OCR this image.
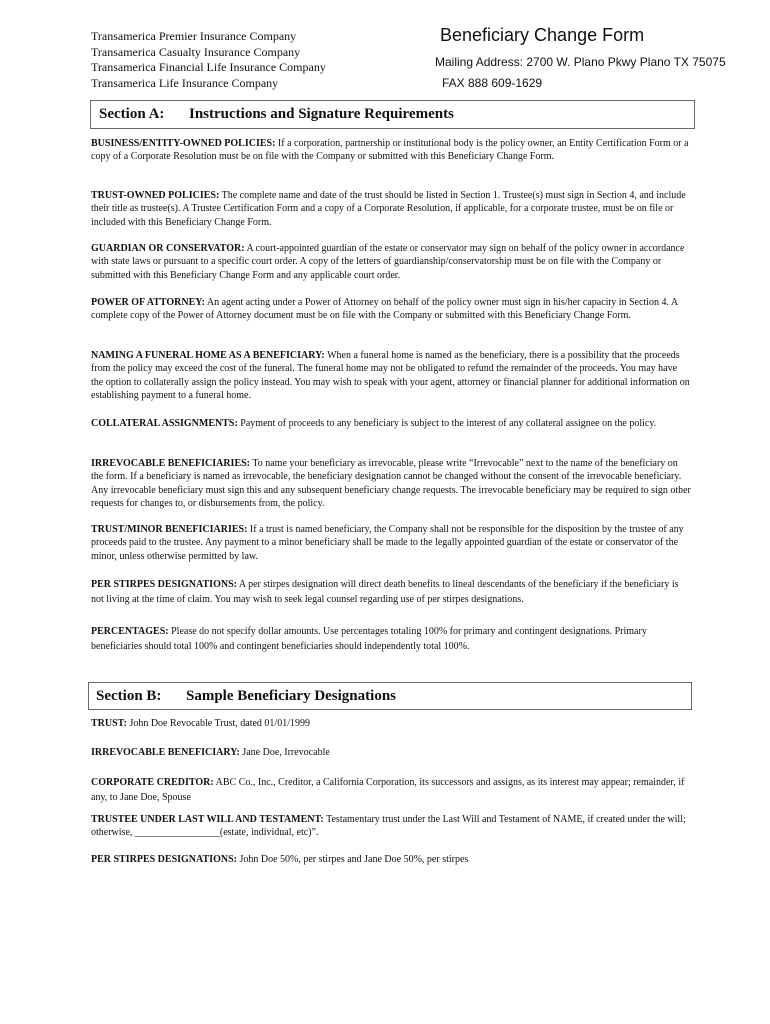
Transamerica Premier Insurance Company
Transamerica Casualty Insurance Company
Transamerica Financial Life Insurance Company
Transamerica Life Insurance Company
Beneficiary Change Form
Mailing Address: 2700 W. Plano Pkwy Plano TX 75075
FAX 888 609-1629
Section A: Instructions and Signature Requirements
BUSINESS/ENTITY-OWNED POLICIES: If a corporation, partnership or institutional body is the policy owner, an Entity Certification Form or a copy of a Corporate Resolution must be on file with the Company or submitted with this Beneficiary Change Form.
TRUST-OWNED POLICIES: The complete name and date of the trust should be listed in Section 1. Trustee(s) must sign in Section 4, and include their title as trustee(s). A Trustee Certification Form and a copy of a Corporate Resolution, if applicable, for a corporate trustee, must be on file or included with this Beneficiary Change Form.
GUARDIAN OR CONSERVATOR: A court-appointed guardian of the estate or conservator may sign on behalf of the policy owner in accordance with state laws or pursuant to a specific court order. A copy of the letters of guardianship/conservatorship must be on file with the Company or submitted with this Beneficiary Change Form and any applicable court order.
POWER OF ATTORNEY: An agent acting under a Power of Attorney on behalf of the policy owner must sign in his/her capacity in Section 4. A complete copy of the Power of Attorney document must be on file with the Company or submitted with this Beneficiary Change Form.
NAMING A FUNERAL HOME AS A BENEFICIARY: When a funeral home is named as the beneficiary, there is a possibility that the proceeds from the policy may exceed the cost of the funeral. The funeral home may not be obligated to refund the remainder of the proceeds. You may have the option to collaterally assign the policy instead. You may wish to speak with your agent, attorney or financial planner for additional information on establishing payment to a funeral home.
COLLATERAL ASSIGNMENTS: Payment of proceeds to any beneficiary is subject to the interest of any collateral assignee on the policy.
IRREVOCABLE BENEFICIARIES: To name your beneficiary as irrevocable, please write “Irrevocable” next to the name of the beneficiary on the form. If a beneficiary is named as irrevocable, the beneficiary designation cannot be changed without the consent of the irrevocable beneficiary. Any irrevocable beneficiary must sign this and any subsequent beneficiary change requests. The irrevocable beneficiary may be required to sign other requests for changes to, or disbursements from, the policy.
TRUST/MINOR BENEFICIARIES: If a trust is named beneficiary, the Company shall not be responsible for the disposition by the trustee of any proceeds paid to the trustee. Any payment to a minor beneficiary shall be made to the legally appointed guardian of the estate or conservator of the minor, unless otherwise permitted by law.
PER STIRPES DESIGNATIONS: A per stirpes designation will direct death benefits to lineal descendants of the beneficiary if the beneficiary is not living at the time of claim. You may wish to seek legal counsel regarding use of per stirpes designations.
PERCENTAGES: Please do not specify dollar amounts. Use percentages totaling 100% for primary and contingent designations. Primary beneficiaries should total 100% and contingent beneficiaries should independently total 100%.
Section B: Sample Beneficiary Designations
TRUST: John Doe Revocable Trust, dated 01/01/1999
IRREVOCABLE BENEFICIARY: Jane Doe, Irrevocable
CORPORATE CREDITOR: ABC Co., Inc., Creditor, a California Corporation, its successors and assigns, as its interest may appear; remainder, if any, to Jane Doe, Spouse
TRUSTEE UNDER LAST WILL AND TESTAMENT: Testamentary trust under the Last Will and Testament of NAME, if created under the will; otherwise, _________________(estate, individual, etc)”.
PER STIRPES DESIGNATIONS: John Doe 50%, per stirpes and Jane Doe 50%, per stirpes
